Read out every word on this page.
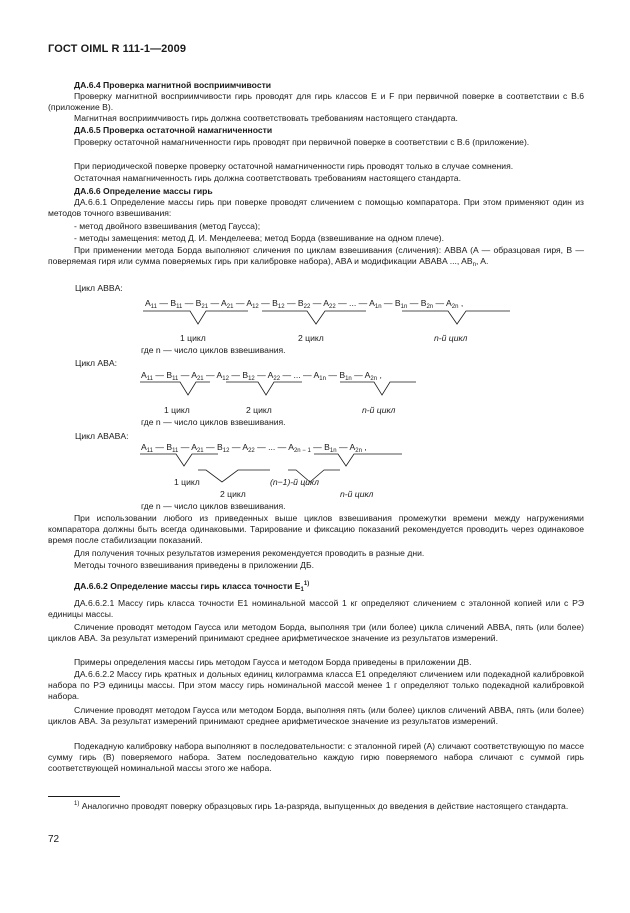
ГОСТ OIML R 111-1—2009

ДА.6.4 Проверка магнитной восприимчивости

Проверку магнитной восприимчивости гирь проводят для гирь классов E и F при первичной поверке в соответствии с B.6 (приложение B).

Магнитная восприимчивость гирь должна соответствовать требованиям настоящего стандарта.

ДА.6.5 Проверка остаточной намагниченности

Проверку остаточной намагниченности гирь проводят при первичной поверке в соответствии с B.6 (приложение).

При периодической поверке проверку остаточной намагниченности гирь проводят только в случае сомнения.

Остаточная намагниченность гирь должна соответствовать требованиям настоящего стандарта.

ДА.6.6 Определение массы гирь

ДА.6.6.1 Определение массы гирь при поверке проводят сличением с помощью компаратора. При этом применяют один из методов точного взвешивания:

- метод двойного взвешивания (метод Гаусса);

- методы замещения: метод Д. И. Менделеева; метод Борда (взвешивание на одном плече).

При применении метода Борда выполняют сличения по циклам взвешивания (сличения): ABBA (A — образцовая гиря, B — поверяемая гиря или сумма поверяемых гирь при калибровке набора), ABA и модификации ABABA ..., $AB_n$, A.

Цикл ABBA:
$A_{11}$ — $B_{11}$ — $B_{21}$ — $A_{21}$ — $A_{12}$ — $B_{12}$ — $B_{22}$ — $A_{22}$ — ... — $A_{1n}$ — $B_{1n}$ — $B_{2n}$ — $A_{2n}$ ,
1 цикл	2 цикл	n-й цикл
где n — число циклов взвешивания.
Цикл ABA:
$A_{11}$ — $B_{11}$ — $A_{21}$ — $A_{12}$ — $B_{12}$ — $A_{22}$ — ... — $A_{1n}$ — $B_{1n}$ — $A_{2n}$ ,
1 цикл	2 цикл	n-й цикл
где n — число циклов взвешивания.
Цикл ABABA:
$A_{11}$ — $B_{11}$ — $A_{21}$ — $B_{12}$ — $A_{22}$ — ... — $A_{2n - 1}$ — $B_{1n}$ — $A_{2n}$ ,
1 цикл	(n−1)-й цикл
2 цикл	n-й цикл
где n — число циклов взвешивания.

При использовании любого из приведенных выше циклов взвешивания промежутки времени между нагружениями компаратора должны быть всегда одинаковыми. Тарирование и фиксацию показаний рекомендуется проводить через одинаковое время после стабилизации показаний.

Для получения точных результатов измерения рекомендуется проводить в разные дни.

Методы точного взвешивания приведены в приложении ДБ.

ДА.6.6.2 Определение массы гирь класса точности $E_1^{1)}$

ДА.6.6.2.1 Массу гирь класса точности E1 номинальной массой 1 кг определяют сличением с эталонной копией или с РЭ единицы массы.

Сличение проводят методом Гаусса или методом Борда, выполняя три (или более) цикла сличений ABBA, пять (или более) циклов ABA. За результат измерений принимают среднее арифметическое значение из результатов измерений.

Примеры определения массы гирь методом Гаусса и методом Борда приведены в приложении ДВ.

ДА.6.6.2.2 Массу гирь кратных и дольных единиц килограмма класса E1 определяют сличением или подекадной калибровкой набора по РЭ единицы массы. При этом массу гирь номинальной массой менее 1 г определяют только подекадной калибровкой набора.

Сличение проводят методом Гаусса или методом Борда, выполняя пять (или более) циклов сличений ABBA, пять (или более) циклов ABA. За результат измерений принимают среднее арифметическое значение из результатов измерений.

Подекадную калибровку набора выполняют в последовательности: с эталонной гирей (A) сличают соответствующую по массе сумму гирь (B) поверяемого набора. Затем последовательно каждую гирю поверяемого набора сличают с суммой гирь соответствующей номинальной массы этого же набора.

$^{1)}$ Аналогично проводят поверку образцовых гирь 1а-разряда, выпущенных до введения в действие настоящего стандарта.

72
